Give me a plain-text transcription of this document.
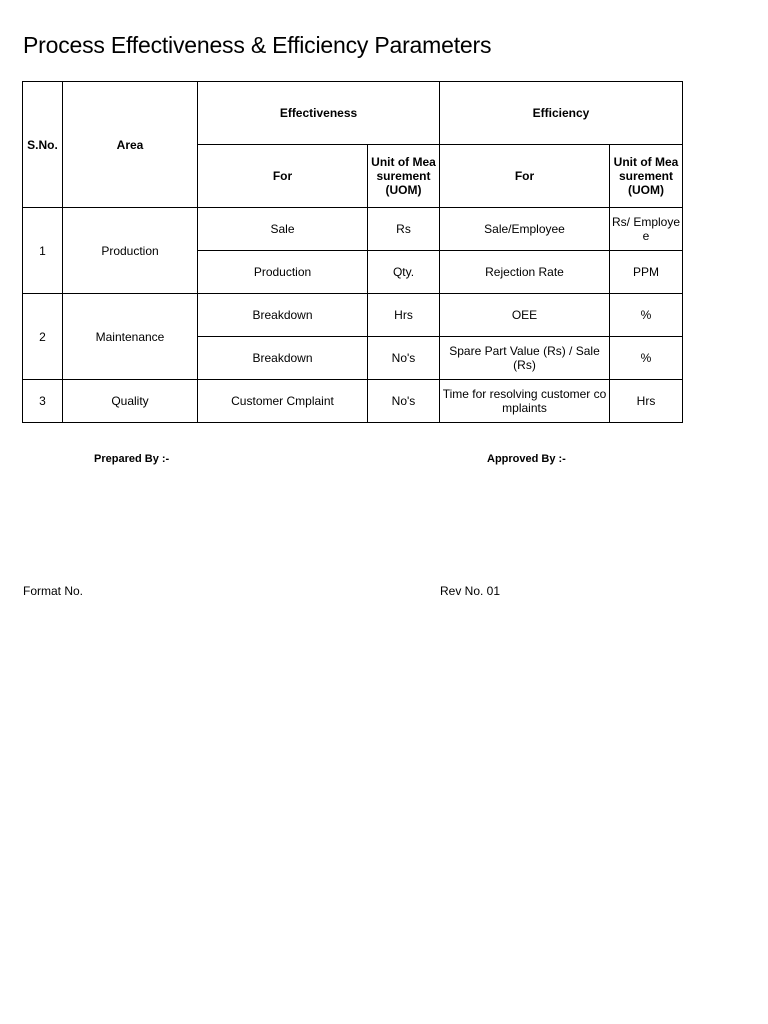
Process Effectiveness & Efficiency Parameters
S.No.	Area	Effectiveness		Efficiency	
		For	Unit of Measurement (UOM)	For	Unit of Measurement (UOM)
1	Production	Sale	Rs	Sale/Employee	Rs/ Employee
		Production	Qty.	Rejection Rate	PPM
2	Maintenance	Breakdown	Hrs	OEE	%
		Breakdown	No's	Spare Part Value (Rs) / Sale (Rs)	%
3	Quality	Customer Cmplaint	No's	Time for resolving customer complaints	Hrs
Prepared By :-	Approved By :-
Format No.	Rev No. 01
